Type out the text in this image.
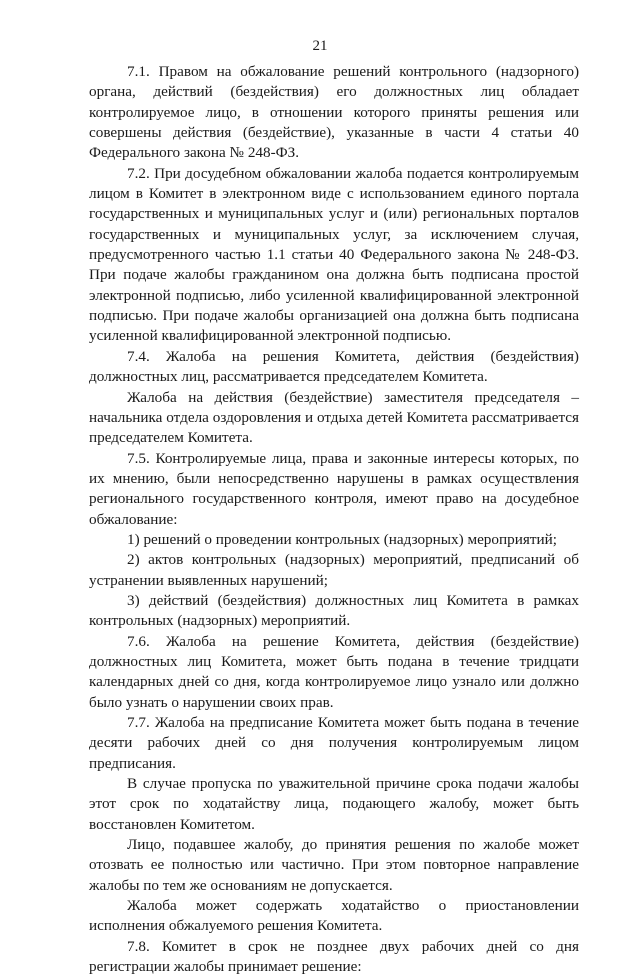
21

7.1. Правом на обжалование решений контрольного (надзорного) органа, действий (бездействия) его должностных лиц обладает контролируемое лицо, в отношении которого приняты решения или совершены действия (бездействие), указанные в части 4 статьи 40 Федерального закона № 248-ФЗ.

7.2. При досудебном обжаловании жалоба подается контролируемым лицом в Комитет в электронном виде с использованием единого портала государственных и муниципальных услуг и (или) региональных порталов государственных и муниципальных услуг, за исключением случая, предусмотренного частью 1.1 статьи 40 Федерального закона № 248-ФЗ. При подаче жалобы гражданином она должна быть подписана простой электронной подписью, либо усиленной квалифицированной электронной подписью. При подаче жалобы организацией она должна быть подписана усиленной квалифицированной электронной подписью.

7.4. Жалоба на решения Комитета, действия (бездействия) должностных лиц, рассматривается председателем Комитета.

Жалоба на действия (бездействие) заместителя председателя – начальника отдела оздоровления и отдыха детей Комитета рассматривается председателем Комитета.

7.5. Контролируемые лица, права и законные интересы которых, по их мнению, были непосредственно нарушены в рамках осуществления регионального государственного контроля, имеют право на досудебное обжалование:

1) решений о проведении контрольных (надзорных) мероприятий;

2) актов контрольных (надзорных) мероприятий, предписаний об устранении выявленных нарушений;

3) действий (бездействия) должностных лиц Комитета в рамках контрольных (надзорных) мероприятий.

7.6. Жалоба на решение Комитета, действия (бездействие) должностных лиц Комитета, может быть подана в течение тридцати календарных дней со дня, когда контролируемое лицо узнало или должно было узнать о нарушении своих прав.

7.7. Жалоба на предписание Комитета может быть подана в течение десяти рабочих дней со дня получения контролируемым лицом предписания.

В случае пропуска по уважительной причине срока подачи жалобы этот срок по ходатайству лица, подающего жалобу, может быть восстановлен Комитетом.

Лицо, подавшее жалобу, до принятия решения по жалобе может отозвать ее полностью или частично. При этом повторное направление жалобы по тем же основаниям не допускается.

Жалоба может содержать ходатайство о приостановлении исполнения обжалуемого решения Комитета.

7.8. Комитет в срок не позднее двух рабочих дней со дня регистрации жалобы принимает решение:
